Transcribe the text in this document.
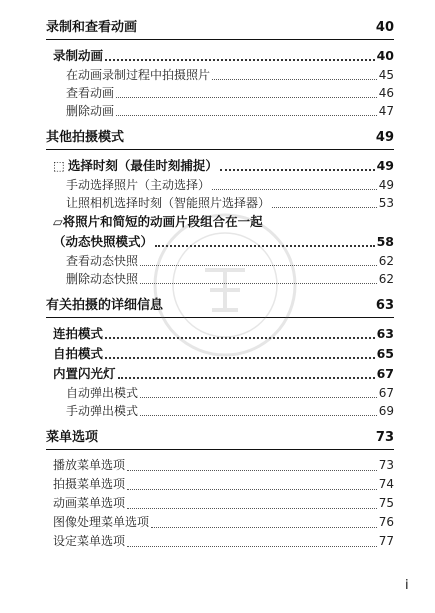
录制和查看动画	40
录制动画	40
在动画录制过程中拍摄照片	45
查看动画	46
删除动画	47
其他拍摄模式	49
⬚ 选择时刻（最佳时刻捕捉）	49
手动选择照片（主动选择）	49
让照相机选择时刻（智能照片选择器）	53
▱将照片和简短的动画片段组合在一起
（动态快照模式）	58
查看动态快照	62
删除动态快照	62
有关拍摄的详细信息	63
连拍模式	63
自拍模式	65
内置闪光灯	67
自动弹出模式	67
手动弹出模式	69
菜单选项	73
播放菜单选项	73
拍摄菜单选项	74
动画菜单选项	75
图像处理菜单选项	76
设定菜单选项	77
i
